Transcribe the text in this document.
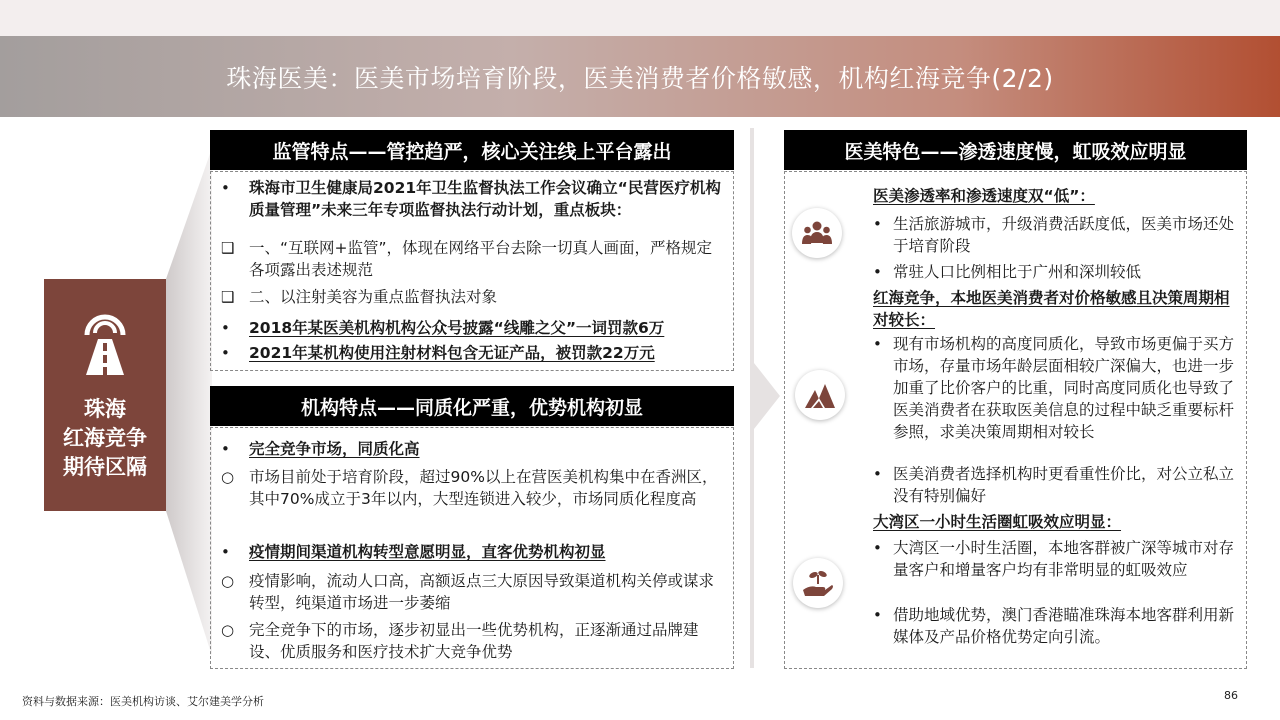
珠海医美：医美市场培育阶段，医美消费者价格敏感，机构红海竞争(2/2)
珠海
红海竞争
期待区隔
监管特点——管控趋严，核心关注线上平台露出
•	珠海市卫生健康局2021年卫生监督执法工作会议确立“民营医疗机构质量管理”未来三年专项监督执法行动计划，重点板块：
❑ 一、“互联网+监管”，体现在网络平台去除一切真人画面，严格规定各项露出表述规范
❑ 二、以注射美容为重点监督执法对象
•	2018年某医美机构机构公众号披露“线雕之父”一词罚款6万
•	2021年某机构使用注射材料包含无证产品，被罚款22万元
机构特点——同质化严重，优势机构初显
•	完全竞争市场，同质化高
○ 市场目前处于培育阶段，超过90%以上在营医美机构集中在香洲区，其中70%成立于3年以内，大型连锁进入较少，市场同质化程度高
•	疫情期间渠道机构转型意愿明显，直客优势机构初显
○ 疫情影响，流动人口高，高额返点三大原因导致渠道机构关停或谋求转型，纯渠道市场进一步萎缩
○ 完全竞争下的市场，逐步初显出一些优势机构，正逐渐通过品牌建设、优质服务和医疗技术扩大竞争优势
医美特色——渗透速度慢，虹吸效应明显
医美渗透率和渗透速度双“低”：
• 生活旅游城市，升级消费活跃度低，医美市场还处于培育阶段
• 常驻人口比例相比于广州和深圳较低
红海竞争，本地医美消费者对价格敏感且决策周期相对较长：
• 现有市场机构的高度同质化，导致市场更偏于买方市场，存量市场年龄层面相较广深偏大，也进一步加重了比价客户的比重，同时高度同质化也导致了医美消费者在获取医美信息的过程中缺乏重要标杆参照，求美决策周期相对较长
• 医美消费者选择机构时更看重性价比，对公立私立没有特别偏好
大湾区一小时生活圈虹吸效应明显：
• 大湾区一小时生活圈，本地客群被广深等城市对存量客户和增量客户均有非常明显的虹吸效应
• 借助地域优势，澳门香港瞄准珠海本地客群利用新媒体及产品价格优势定向引流。
资料与数据来源：医美机构访谈、艾尔建美学分析	86
